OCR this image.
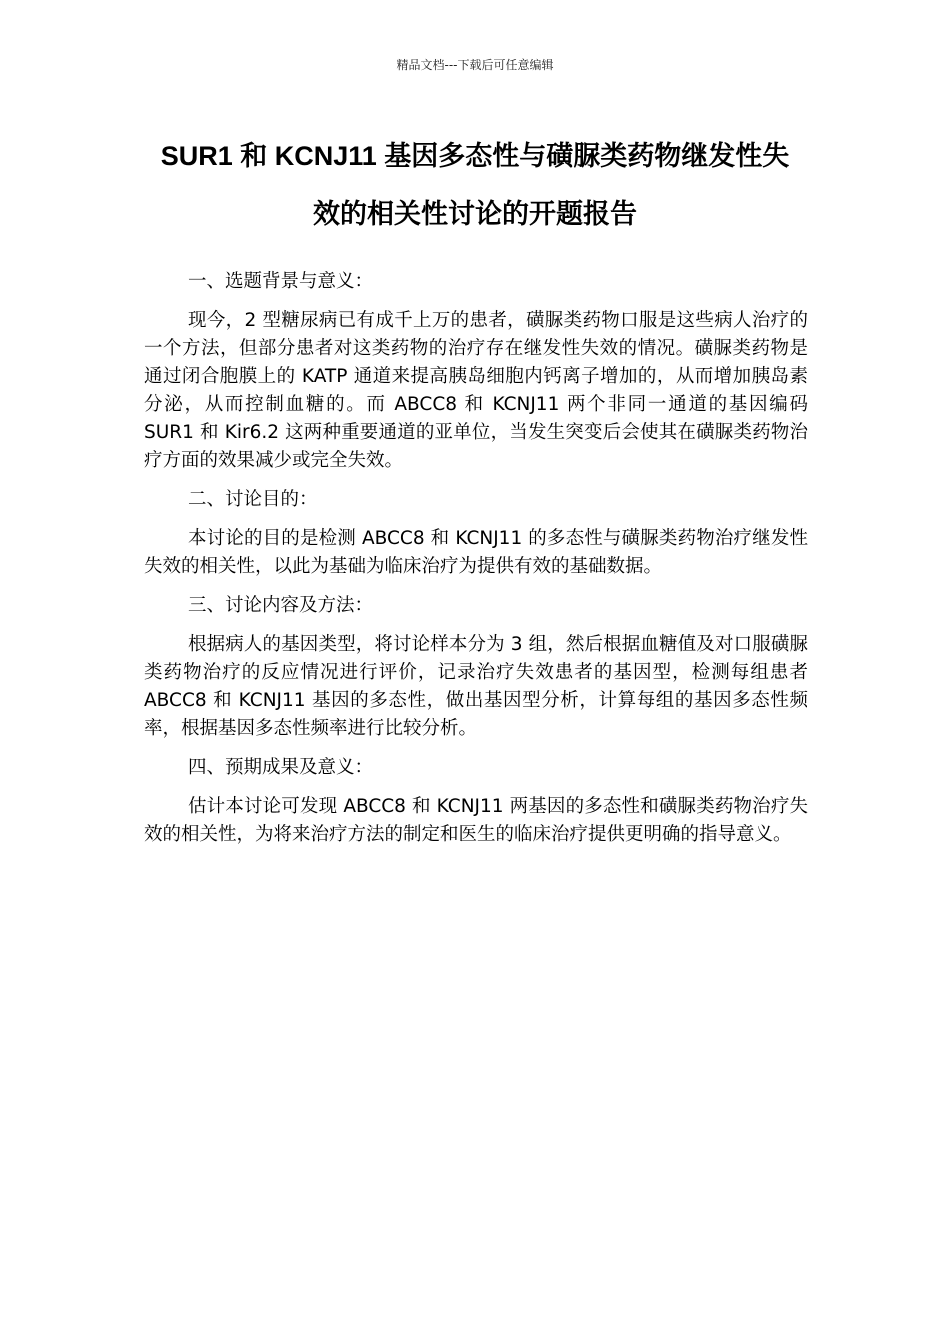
精品文档---下载后可任意编辑
SUR1 和 KCNJ11 基因多态性与磺脲类药物继发性失
效的相关性讨论的开题报告

一、选题背景与意义：

现今，2 型糖尿病已有成千上万的患者，磺脲类药物口服是这些病人治疗的一个方法，但部分患者对这类药物的治疗存在继发性失效的情况。磺脲类药物是通过闭合胞膜上的 KATP 通道来提高胰岛细胞内钙离子增加的，从而增加胰岛素分泌，从而控制血糖的。而 ABCC8 和 KCNJ11 两个非同一通道的基因编码 SUR1 和 Kir6.2 这两种重要通道的亚单位，当发生突变后会使其在磺脲类药物治疗方面的效果减少或完全失效。

二、讨论目的：

本讨论的目的是检测 ABCC8 和 KCNJ11 的多态性与磺脲类药物治疗继发性失效的相关性，以此为基础为临床治疗为提供有效的基础数据。

三、讨论内容及方法：

根据病人的基因类型，将讨论样本分为 3 组，然后根据血糖值及对口服磺脲类药物治疗的反应情况进行评价，记录治疗失效患者的基因型，检测每组患者 ABCC8 和 KCNJ11 基因的多态性，做出基因型分析，计算每组的基因多态性频率，根据基因多态性频率进行比较分析。

四、预期成果及意义：

估计本讨论可发现 ABCC8 和 KCNJ11 两基因的多态性和磺脲类药物治疗失效的相关性，为将来治疗方法的制定和医生的临床治疗提供更明确的指导意义。
